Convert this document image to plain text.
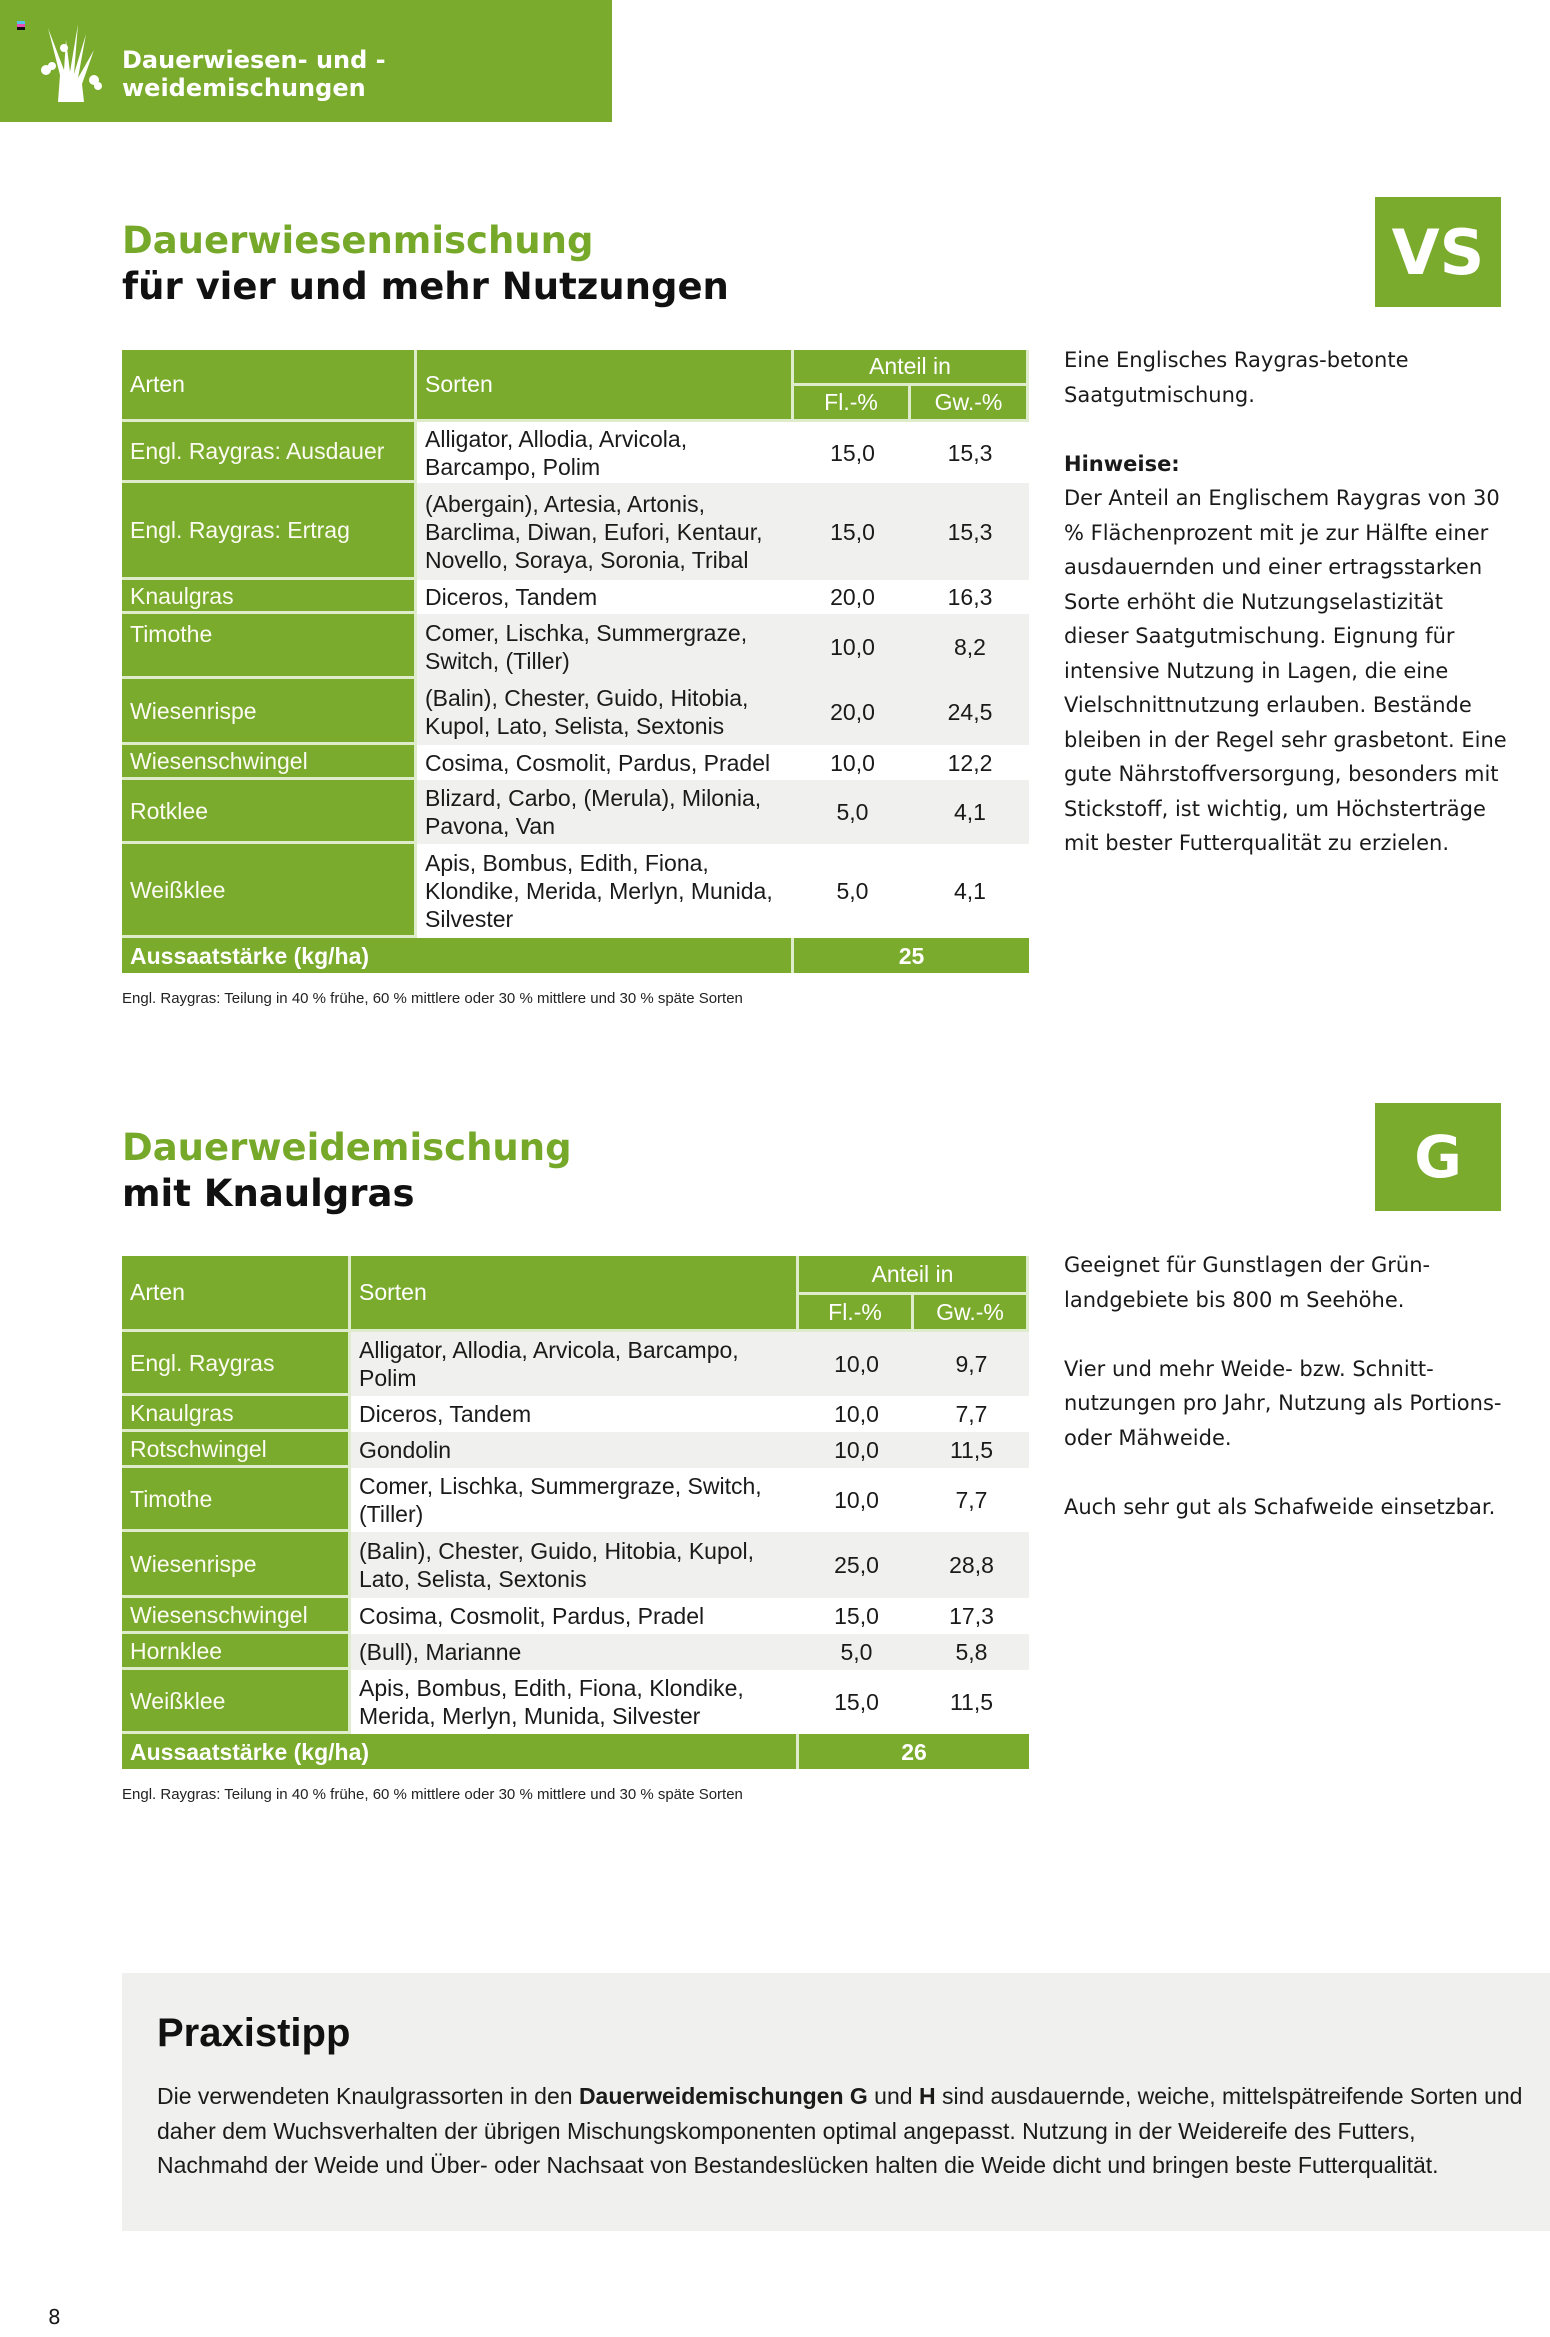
Dauerwiesen- und -weidemischungen
Dauerwiesenmischung
für vier und mehr Nutzungen	VS
Arten	Sorten	Anteil in	
		Fl.-%	Gw.-%
Engl. Raygras: Ausdauer	Alligator, Allodia, Arvicola, Barcampo, Polim	15,0	15,3
Engl. Raygras: Ertrag	(Abergain), Artesia, Artonis, Barclima, Diwan, Eufori, Kentaur, Novello, Soraya, Soronia, Tribal	15,0	15,3
Knaulgras	Diceros, Tandem	20,0	16,3
Timothe	Comer, Lischka, Summergraze, Switch, (Tiller)	10,0	8,2
Wiesenrispe	(Balin), Chester, Guido, Hitobia, Kupol, Lato, Selista, Sextonis	20,0	24,5
Wiesenschwingel	Cosima, Cosmolit, Pardus, Pradel	10,0	12,2
Rotklee	Blizard, Carbo, (Merula), Milonia, Pavona, Van	5,0	4,1
Weißklee	Apis, Bombus, Edith, Fiona, Klondike, Merida, Merlyn, Munida, Silvester	5,0	4,1
Aussaatstärke (kg/ha)		25	
Engl. Raygras: Teilung in 40 % frühe, 60 % mittlere oder 30 % mittlere und 30 % späte Sorten

Eine Englisches Raygras-betonte Saatgutmischung.

Hinweise:
Der Anteil an Englischem Raygras von 30 % Flächenprozent mit je zur Hälfte einer ausdauernden und einer ertragsstarken Sorte erhöht die Nutzungselastizität dieser Saatgutmischung. Eignung für intensive Nutzung in Lagen, die eine Vielschnittnutzung erlauben. Bestände bleiben in der Regel sehr grasbetont. Eine gute Nährstoffversorgung, besonders mit Stickstoff, ist wichtig, um Höchsterträge mit bester Futterqualität zu erzielen.
Dauerweidemischung
mit Knaulgras
G
Arten	Sorten	Anteil in	
		Fl.-%	Gw.-%
Engl. Raygras	Alligator, Allodia, Arvicola, Barcampo, Polim	10,0	9,7
Knaulgras	Diceros, Tandem	10,0	7,7
Rotschwingel	Gondolin	10,0	11,5
Timothe	Comer, Lischka, Summergraze, Switch, (Tiller)	10,0	7,7
Wiesenrispe	(Balin), Chester, Guido, Hitobia, Kupol, Lato, Selista, Sextonis	25,0	28,8
Wiesenschwingel	Cosima, Cosmolit, Pardus, Pradel	15,0	17,3
Hornklee	(Bull), Marianne	5,0	5,8
Weißklee	Apis, Bombus, Edith, Fiona, Klondike, Merida, Merlyn, Munida, Silvester	15,0	11,5
Aussaatstärke (kg/ha)		26	
Engl. Raygras: Teilung in 40 % frühe, 60 % mittlere oder 30 % mittlere und 30 % späte Sorten

Geeignet für Gunstlagen der Grünlandgebiete bis 800 m Seehöhe.

Vier und mehr Weide- bzw. Schnittnutzungen pro Jahr, Nutzung als Portions- oder Mähweide.

Auch sehr gut als Schafweide einsetzbar.

Praxistipp
Die verwendeten Knaulgrassorten in den Dauerweidemischungen G und H sind ausdauernde, weiche, mittelspätreifende Sorten und daher dem Wuchsverhalten der übrigen Mischungskomponenten optimal angepasst. Nutzung in der Weidereife des Futters, Nachmahd der Weide und Über- oder Nachsaat von Bestandeslücken halten die Weide dicht und bringen beste Futterqualität.
8
